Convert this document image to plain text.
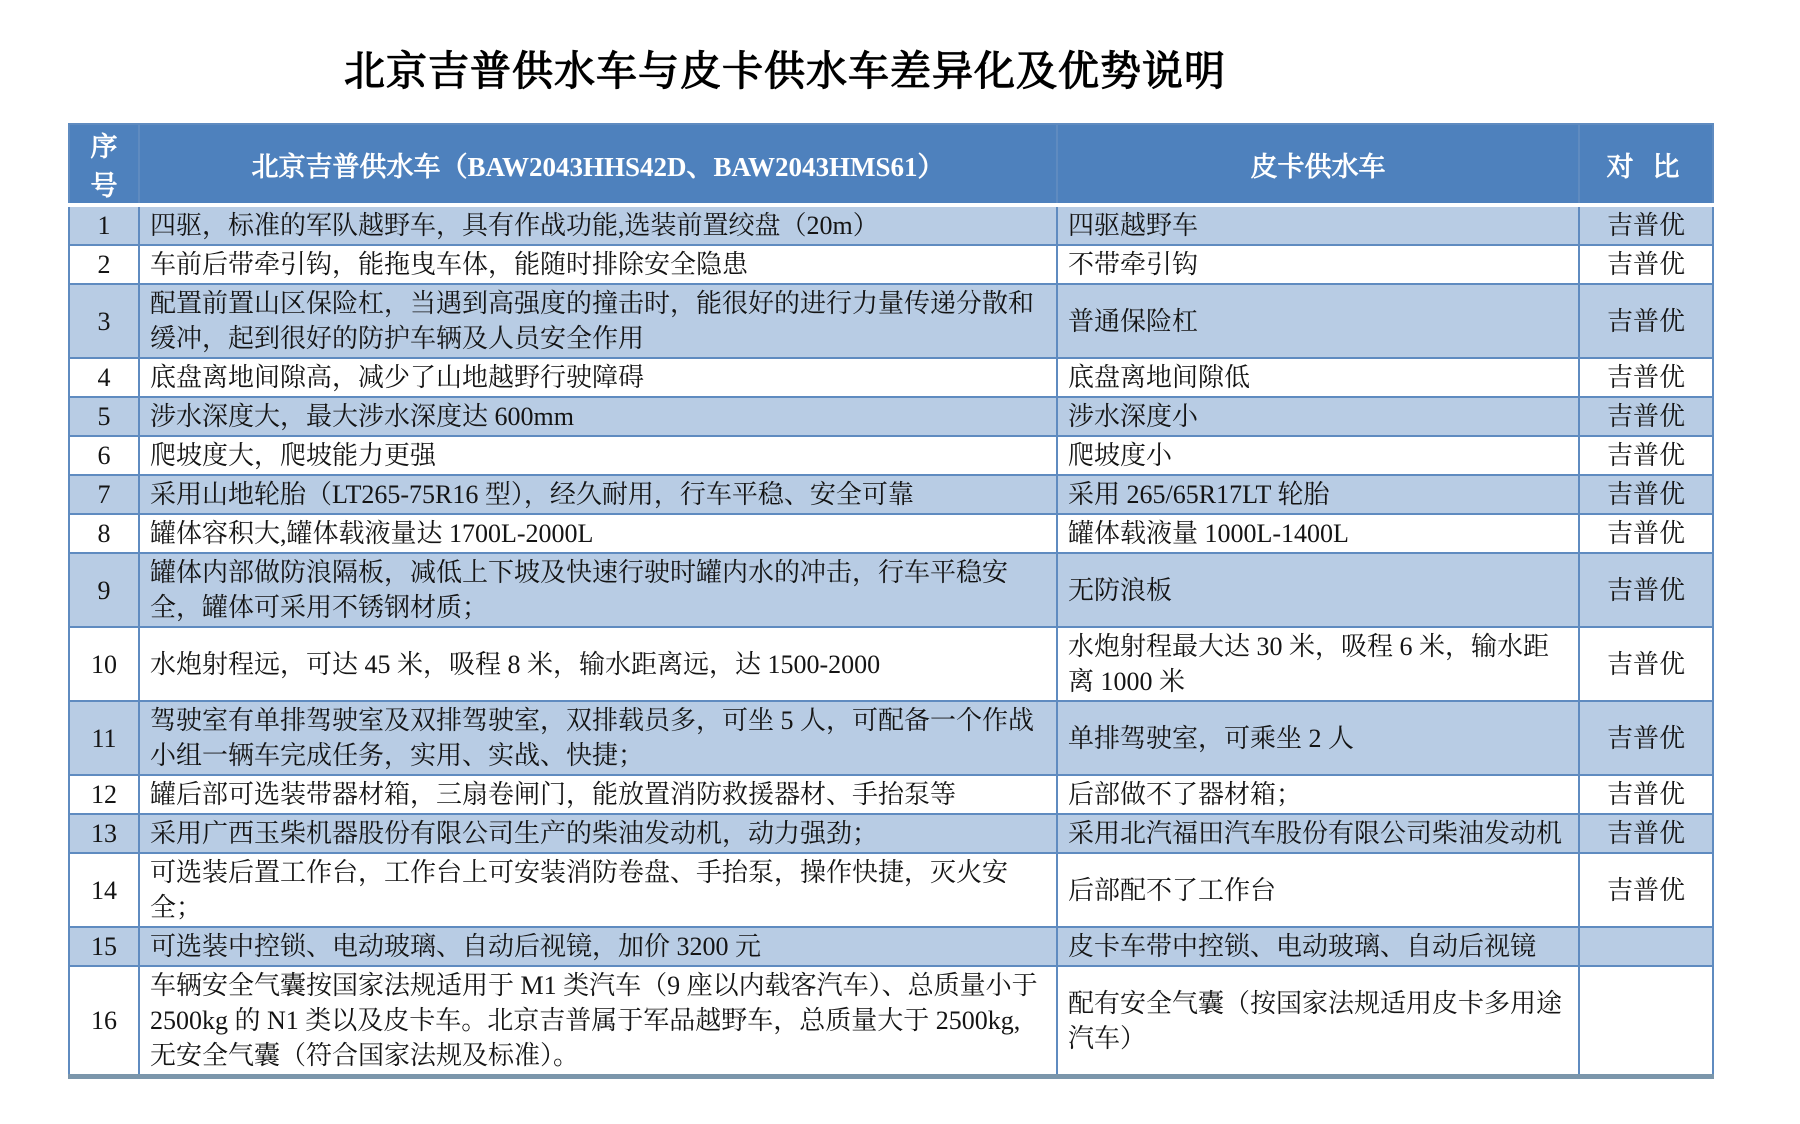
北京吉普供水车与皮卡供水车差异化及优势说明
序号	北京吉普供水车（BAW2043HHS42D、BAW2043HMS61）	皮卡供水车	对 比
1	四驱，标准的军队越野车，具有作战功能,选装前置绞盘（20m）	四驱越野车	吉普优
2	车前后带牵引钩，能拖曳车体，能随时排除安全隐患	不带牵引钩	吉普优
3	配置前置山区保险杠，当遇到高强度的撞击时，能很好的进行力量传递分散和缓冲，起到很好的防护车辆及人员安全作用	普通保险杠	吉普优
4	底盘离地间隙高，减少了山地越野行驶障碍	底盘离地间隙低	吉普优
5	涉水深度大，最大涉水深度达 600mm	涉水深度小	吉普优
6	爬坡度大，爬坡能力更强	爬坡度小	吉普优
7	采用山地轮胎（LT265-75R16 型），经久耐用，行车平稳、安全可靠	采用 265/65R17LT 轮胎	吉普优
8	罐体容积大,罐体载液量达 1700L-2000L	罐体载液量 1000L-1400L	吉普优
9	罐体内部做防浪隔板，减低上下坡及快速行驶时罐内水的冲击，行车平稳安全，罐体可采用不锈钢材质；	无防浪板	吉普优
10	水炮射程远，可达 45 米，吸程 8 米，输水距离远，达 1500-2000	水炮射程最大达 30 米，吸程 6 米，输水距离 1000 米	吉普优
11	驾驶室有单排驾驶室及双排驾驶室，双排载员多，可坐 5 人，可配备一个作战小组一辆车完成任务，实用、实战、快捷；	单排驾驶室，可乘坐 2 人	吉普优
12	罐后部可选装带器材箱，三扇卷闸门，能放置消防救援器材、手抬泵等	后部做不了器材箱；	吉普优
13	采用广西玉柴机器股份有限公司生产的柴油发动机，动力强劲；	采用北汽福田汽车股份有限公司柴油发动机	吉普优
14	可选装后置工作台，工作台上可安装消防卷盘、手抬泵，操作快捷，灭火安全；	后部配不了工作台	吉普优
15	可选装中控锁、电动玻璃、自动后视镜，加价 3200 元	皮卡车带中控锁、电动玻璃、自动后视镜	
16	车辆安全气囊按国家法规适用于 M1 类汽车（9 座以内载客汽车）、总质量小于 2500kg 的 N1 类以及皮卡车。北京吉普属于军品越野车，总质量大于 2500kg,无安全气囊（符合国家法规及标准）。	配有安全气囊（按国家法规适用皮卡多用途汽车）	
